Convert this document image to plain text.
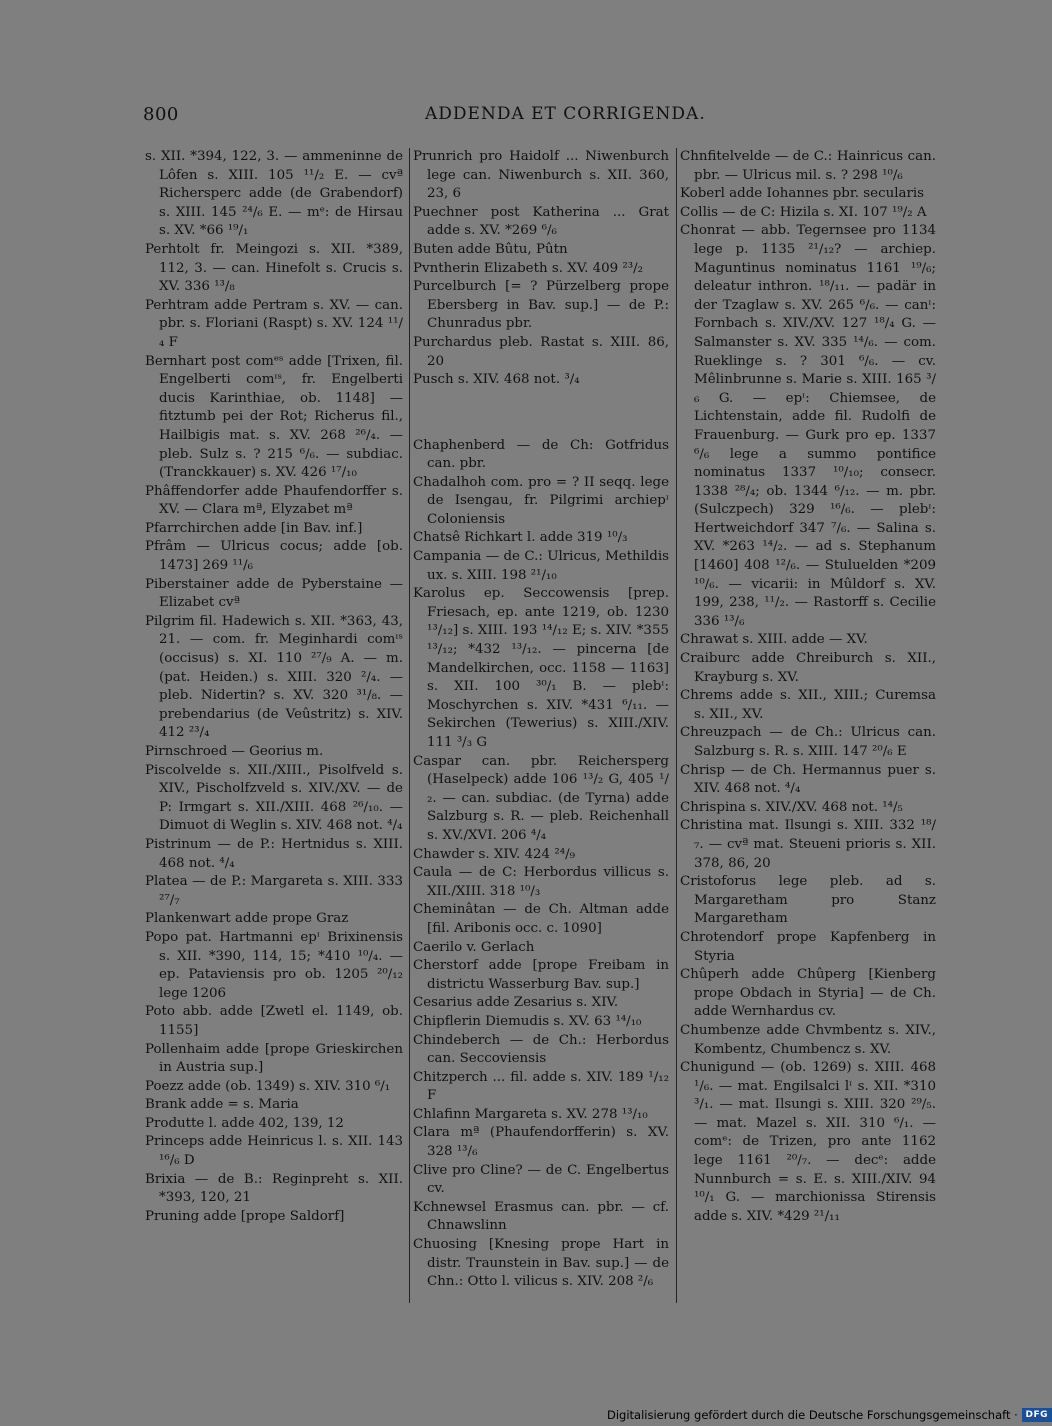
800	ADDENDA ET CORRIGENDA.

s. XII. *394, 122, 3. — ammeninne de Lôfen s. XIII. 105 ¹¹/₂ E. — cvª Richersperc adde (de Grabendorf) s. XIII. 145 ²⁴/₆ E. — mᵉ: de Hirsau s. XV. *66 ¹⁹/₁

Perhtolt fr. Meingozi s. XII. *389, 112, 3. — can. Hinefolt s. Crucis s. XV. 336 ¹³/₈

Perhtram adde Pertram s. XV. — can. pbr. s. Floriani (Raspt) s. XV. 124 ¹¹/₄ F

Bernhart post comᵉˢ adde [Trixen, fil. Engelberti comᶦˢ, fr. Engelberti ducis Karinthiae, ob. 1148] — fitztumb pei der Rot; Richerus fil., Hailbigis mat. s. XV. 268 ²⁶/₄. — pleb. Sulz s. ? 215 ⁶/₆. — subdiac. (Tranckkauer) s. XV. 426 ¹⁷/₁₀

Phâffendorfer adde Phaufendorffer s. XV. — Clara mª, Elyzabet mª

Pfarrchirchen adde [in Bav. inf.]

Pfrâm — Ulricus cocus; adde [ob. 1473] 269 ¹¹/₆

Piberstainer adde de Pyberstaine — Elizabet cvª

Pilgrim fil. Hadewich s. XII. *363, 43, 21. — com. fr. Meginhardi comᶦˢ (occisus) s. XI. 110 ²⁷/₉ A. — m. (pat. Heiden.) s. XIII. 320 ²/₄. — pleb. Nidertin? s. XV. 320 ³¹/₈. — prebendarius (de Veûstritz) s. XIV. 412 ²³/₄

Pirnschroed — Georius m.

Piscolvelde s. XII./XIII., Pisolfveld s. XIV., Pischolfzveld s. XIV./XV. — de P: Irmgart s. XII./XIII. 468 ²⁶/₁₀. — Dimuot di Weglin s. XIV. 468 not. ⁴/₄

Pistrinum — de P.: Hertnidus s. XIII. 468 not. ⁴/₄

Platea — de P.: Margareta s. XIII. 333 ²⁷/₇

Plankenwart adde prope Graz

Popo pat. Hartmanni epᶦ Brixinensis s. XII. *390, 114, 15; *410 ¹⁰/₄. — ep. Pataviensis pro ob. 1205 ²⁰/₁₂ lege 1206

Poto abb. adde [Zwetl el. 1149, ob. 1155]

Pollenhaim adde [prope Grieskirchen in Austria sup.]

Poezz adde (ob. 1349) s. XIV. 310 ⁶/₁

Brank adde = s. Maria

Produtte l. adde 402, 139, 12

Princeps adde Heinricus l. s. XII. 143 ¹⁶/₆ D

Brixia — de B.: Reginpreht s. XII. *393, 120, 21

Pruning adde [prope Saldorf]

Prunrich pro Haidolf ... Niwenburch lege can. Niwenburch s. XII. 360, 23, 6

Puechner post Katherina ... Grat adde s. XV. *269 ⁶/₆

Buten adde Bûtu, Pûtn

Pvntherin Elizabeth s. XV. 409 ²³/₂

Purcelburch [= ? Pürzelberg prope Ebersberg in Bav. sup.] — de P.: Chunradus pbr.

Purchardus pleb. Rastat s. XIII. 86, 20

Pusch s. XIV. 468 not. ³/₄

Chaphenberd — de Ch: Gotfridus can. pbr.

Chadalhoh com. pro = ? II seqq. lege de Isengau, fr. Pilgrimi archiepᶦ Coloniensis

Chatsê Richkart l. adde 319 ¹⁰/₃

Campania — de C.: Ulricus, Methildis ux. s. XIII. 198 ²¹/₁₀

Karolus ep. Seccowensis [prep. Friesach, ep. ante 1219, ob. 1230 ¹³/₁₂] s. XIII. 193 ¹⁴/₁₂ E; s. XIV. *355 ¹³/₁₂; *432 ¹³/₁₂. — pincerna [de Mandelkirchen, occ. 1158 — 1163] s. XII. 100 ³⁰/₁ B. — plebᶦ: Moschyrchen s. XIV. *431 ⁶/₁₁. — Sekirchen (Tewerius) s. XIII./XIV. 111 ³/₃ G

Caspar can. pbr. Reichersperg (Haselpeck) adde 106 ¹³/₂ G, 405 ¹/₂. — can. subdiac. (de Tyrna) adde Salzburg s. R. — pleb. Reichenhall s. XV./XVI. 206 ⁴/₄

Chawder s. XIV. 424 ²⁴/₉

Caula — de C: Herbordus villicus s. XII./XIII. 318 ¹⁰/₃

Cheminâtan — de Ch. Altman adde [fil. Aribonis occ. c. 1090]

Caerilo v. Gerlach

Cherstorf adde [prope Freibam in districtu Wasserburg Bav. sup.]

Cesarius adde Zesarius s. XIV.

Chipflerin Diemudis s. XV. 63 ¹⁴/₁₀

Chindeberch — de Ch.: Herbordus can. Seccoviensis

Chitzperch ... fil. adde s. XIV. 189 ¹/₁₂ F

Chlafinn Margareta s. XV. 278 ¹³/₁₀

Clara mª (Phaufendorfferin) s. XV. 328 ¹³/₆

Clive pro Cline? — de C. Engelbertus cv.

Kchnewsel Erasmus can. pbr. — cf. Chnawslinn

Chuosing [Knesing prope Hart in distr. Traunstein in Bav. sup.] — de Chn.: Otto l. vilicus s. XIV. 208 ²/₆

Chnfitelvelde — de C.: Hainricus can. pbr. — Ulricus mil. s. ? 298 ¹⁰/₆

Koberl adde Iohannes pbr. secularis

Collis — de C: Hizila s. XI. 107 ¹⁹/₂ A

Chonrat — abb. Tegernsee pro 1134 lege p. 1135 ²¹/₁₂? — archiep. Maguntinus nominatus 1161 ¹⁹/₆; deleatur inthron. ¹⁸/₁₁. — padär in der Tzaglaw s. XV. 265 ⁶/₆. — canᶦ: Fornbach s. XIV./XV. 127 ¹⁸/₄ G. — Salmanster s. XV. 335 ¹⁴/₆. — com. Rueklinge s. ? 301 ⁶/₆. — cv. Mêlinbrunne s. Marie s. XIII. 165 ³/₆ G. — epᶦ: Chiemsee, de Lichtenstain, adde fil. Rudolfi de Frauenburg. — Gurk pro ep. 1337 ⁶/₆ lege a summo pontifice nominatus 1337 ¹⁰/₁₀; consecr. 1338 ²⁸/₄; ob. 1344 ⁶/₁₂. — m. pbr. (Sulczpech) 329 ¹⁶/₆. — plebᶦ: Hertweichdorf 347 ⁷/₆. — Salina s. XV. *263 ¹⁴/₂. — ad s. Stephanum [1460] 408 ¹²/₆. — Stuluelden *209 ¹⁰/₆. — vicarii: in Mûldorf s. XV. 199, 238, ¹¹/₂. — Rastorff s. Cecilie 336 ¹³/₆

Chrawat s. XIII. adde — XV.

Craiburc adde Chreiburch s. XII., Krayburg s. XV.

Chrems adde s. XII., XIII.; Curemsa s. XII., XV.

Chreuzpach — de Ch.: Ulricus can. Salzburg s. R. s. XIII. 147 ²⁰/₆ E

Chrisp — de Ch. Hermannus puer s. XIV. 468 not. ⁴/₄

Chrispina s. XIV./XV. 468 not. ¹⁴/₅

Christina mat. Ilsungi s. XIII. 332 ¹⁸/₇. — cvª mat. Steueni prioris s. XII. 378, 86, 20

Cristoforus lege pleb. ad s. Margaretham pro Stanz Margaretham

Chrotendorf prope Kapfenberg in Styria

Chûperh adde Chûperg [Kienberg prope Obdach in Styria] — de Ch. adde Wernhardus cv.

Chumbenze adde Chvmbentz s. XIV., Kombentz, Chumbencz s. XV.

Chunigund — (ob. 1269) s. XIII. 468 ¹/₆. — mat. Engilsalci lᶦ s. XII. *310 ³/₁. — mat. Ilsungi s. XIII. 320 ²⁹/₅. — mat. Mazel s. XII. 310 ⁶/₁. — comᵉ: de Trizen, pro ante 1162 lege 1161 ²⁰/₇. — decᵉ: adde Nunnburch = s. E. s. XIII./XIV. 94 ¹⁰/₁ G. — marchionissa Stirensis adde s. XIV. *429 ²¹/₁₁

Digitalisierung gefördert durch die Deutsche Forschungsgemeinschaft · DFG
